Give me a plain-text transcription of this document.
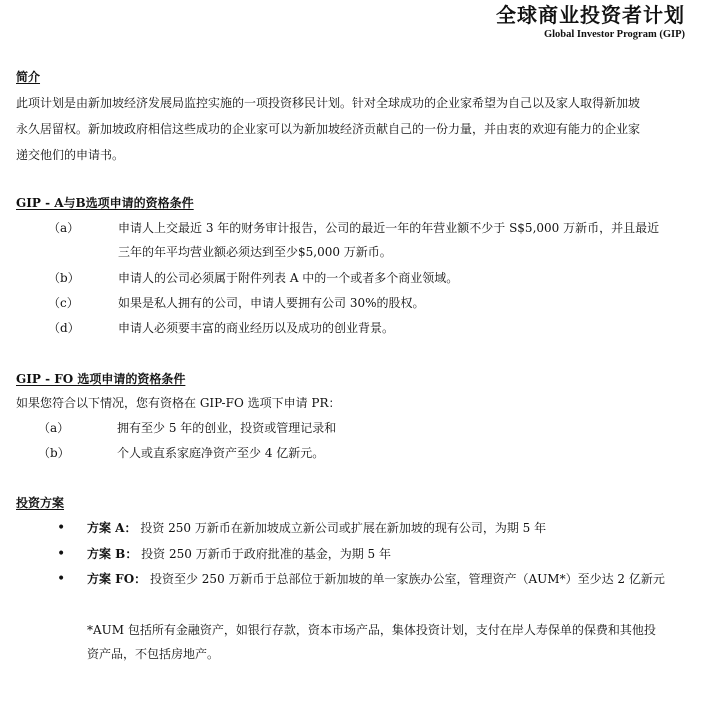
全球商业投资者计划
Global Investor Program (GIP)
简介
此项计划是由新加坡经济发展局监控实施的一项投资移民计划。针对全球成功的企业家希望为自己以及家人取得新加坡
永久居留权。新加坡政府相信这些成功的企业家可以为新加坡经济贡献自己的一份力量，并由衷的欢迎有能力的企业家
递交他们的申请书。
GIP - A与B选项申请的资格条件
（a）	申请人上交最近 3 年的财务审计报告，公司的最近一年的年营业额不少于 S$5,000 万新币，并且最近
三年的年平均营业额必须达到至少$5,000 万新币。
（b）	申请人的公司必须属于附件列表 A 中的一个或者多个商业领域。
（c）	如果是私人拥有的公司，申请人要拥有公司 30%的股权。
（d）	申请人必须要丰富的商业经历以及成功的创业背景。
GIP - FO 选项申请的资格条件
如果您符合以下情况，您有资格在 GIP-FO 选项下申请 PR：
（a）	拥有至少 5 年的创业，投资或管理记录和
（b）	个人或直系家庭净资产至少 4 亿新元。
投资方案
• 方案 A： 投资 250 万新币在新加坡成立新公司或扩展在新加坡的现有公司，为期 5 年
• 方案 B： 投资 250 万新币于政府批准的基金，为期 5 年
• 方案 FO： 投资至少 250 万新币于总部位于新加坡的单一家族办公室，管理资产（AUM*）至少达 2 亿新元
*AUM 包括所有金融资产，如银行存款，资本市场产品，集体投资计划，支付在岸人寿保单的保费和其他投
资产品，不包括房地产。
